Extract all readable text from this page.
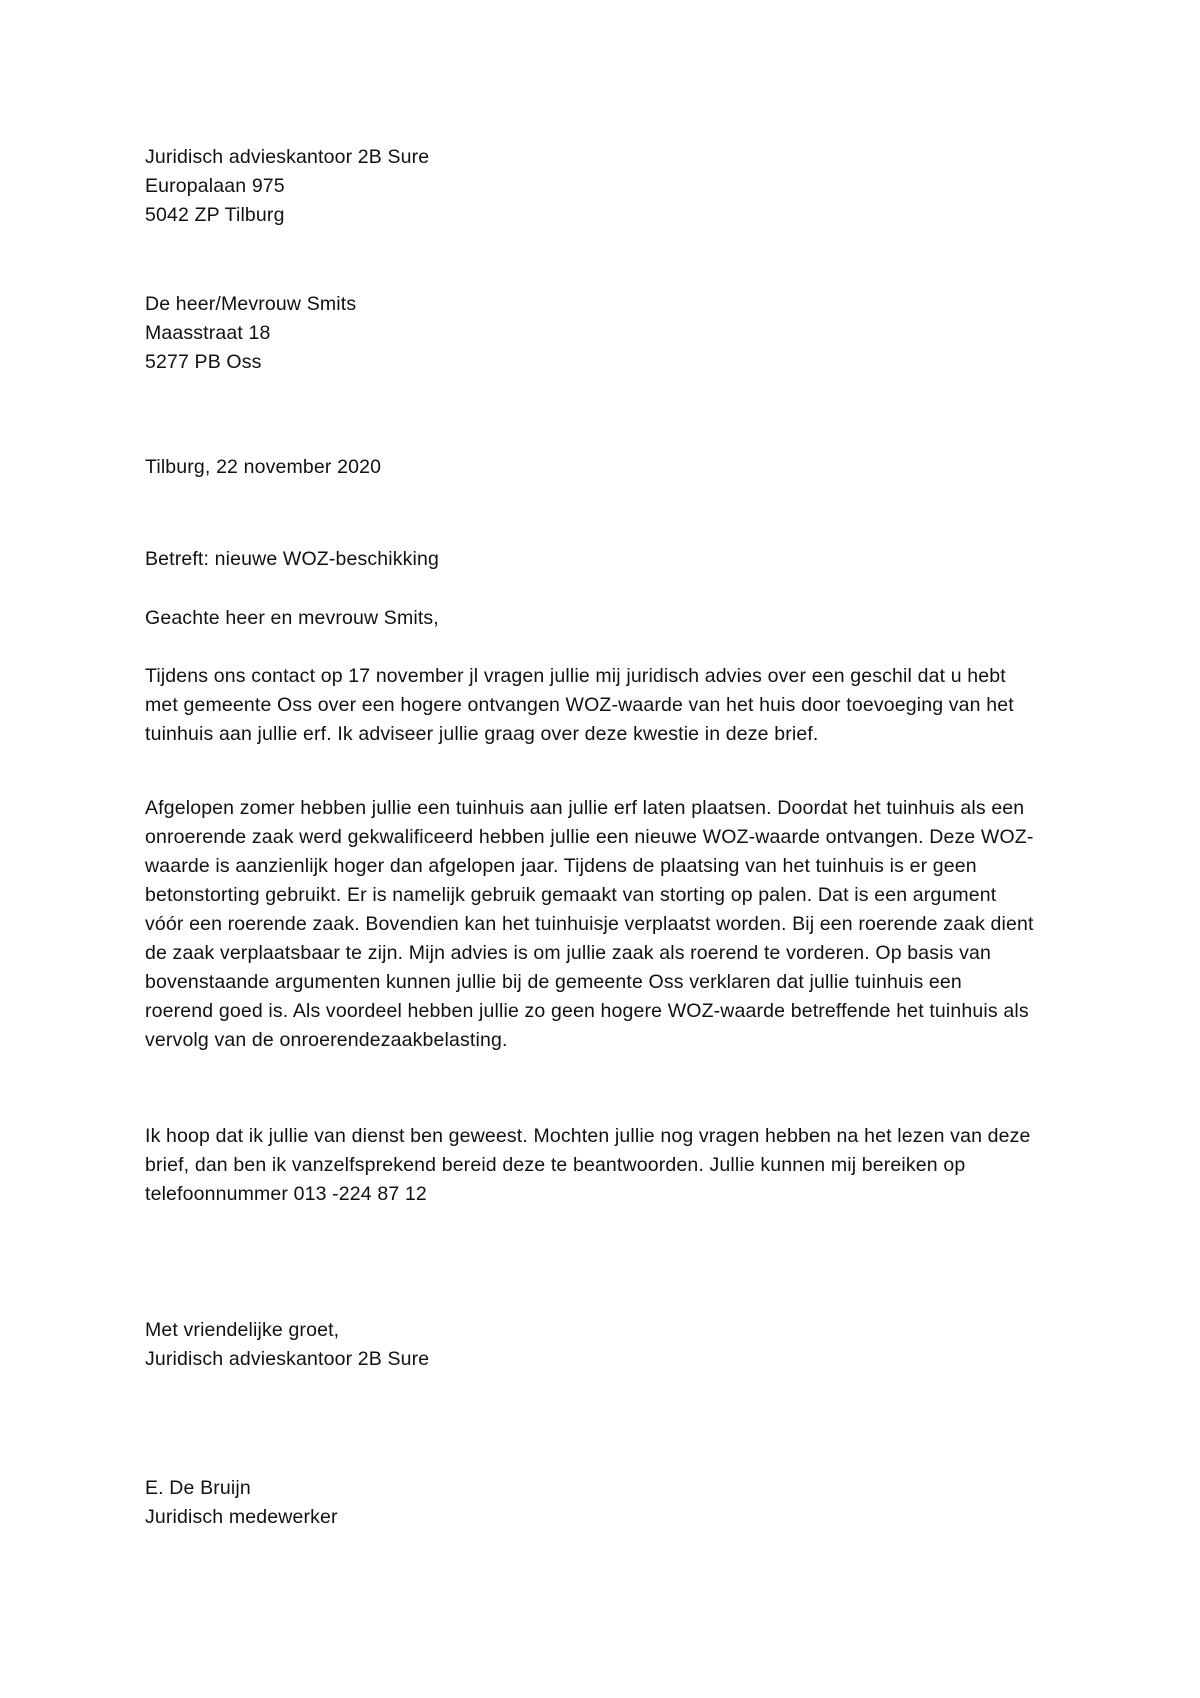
Juridisch advieskantoor 2B Sure
Europalaan 975
5042 ZP Tilburg
De heer/Mevrouw Smits
Maasstraat 18
5277 PB Oss
Tilburg, 22 november 2020
Betreft: nieuwe WOZ-beschikking
Geachte heer en mevrouw Smits,
Tijdens ons contact op 17 november jl vragen jullie mij juridisch advies over een geschil dat u hebt
met gemeente Oss over een hogere ontvangen WOZ-waarde van het huis door toevoeging van het
tuinhuis aan jullie erf. Ik adviseer jullie graag over deze kwestie in deze brief.
Afgelopen zomer hebben jullie een tuinhuis aan jullie erf laten plaatsen. Doordat het tuinhuis als een
onroerende zaak werd gekwalificeerd hebben jullie een nieuwe WOZ-waarde ontvangen. Deze WOZ-
waarde is aanzienlijk hoger dan afgelopen jaar. Tijdens de plaatsing van het tuinhuis is er geen
betonstorting gebruikt. Er is namelijk gebruik gemaakt van storting op palen. Dat is een argument
vóór een roerende zaak. Bovendien kan het tuinhuisje verplaatst worden. Bij een roerende zaak dient
de zaak verplaatsbaar te zijn. Mijn advies is om jullie zaak als roerend te vorderen. Op basis van
bovenstaande argumenten kunnen jullie bij de gemeente Oss verklaren dat jullie tuinhuis een
roerend goed is. Als voordeel hebben jullie zo geen hogere WOZ-waarde betreffende het tuinhuis als
vervolg van de onroerendezaakbelasting.
Ik hoop dat ik jullie van dienst ben geweest. Mochten jullie nog vragen hebben na het lezen van deze
brief, dan ben ik vanzelfsprekend bereid deze te beantwoorden. Jullie kunnen mij bereiken op
telefoonnummer 013 -224 87 12
Met vriendelijke groet,
Juridisch advieskantoor 2B Sure
E. De Bruijn
Juridisch medewerker
